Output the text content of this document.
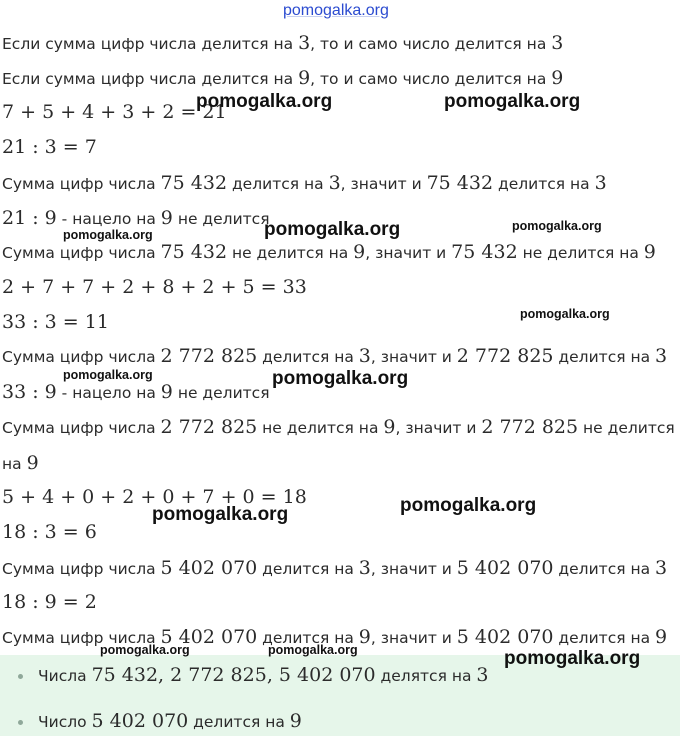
Если сумма цифр числа делится на 3, то и само число делится на 3
Если сумма цифр числа делится на 9, то и само число делится на 9
7 + 5 + 4 + 3 + 2 = 21
21 : 3 = 7
Сумма цифр числа 75 432 делится на 3, значит и 75 432 делится на 3
21 : 9 - нацело на 9 не делится
Сумма цифр числа 75 432 не делится на 9, значит и 75 432 не делится на 9
2 + 7 + 7 + 2 + 8 + 2 + 5 = 33
33 : 3 = 11
Сумма цифр числа 2 772 825 делится на 3, значит и 2 772 825 делится на 3
33 : 9 - нацело на 9 не делится
Сумма цифр числа 2 772 825 не делится на 9, значит и 2 772 825 не делится
на 9
5 + 4 + 0 + 2 + 0 + 7 + 0 = 18
18 : 3 = 6
Сумма цифр числа 5 402 070 делится на 3, значит и 5 402 070 делится на 3
18 : 9 = 2
Сумма цифр числа 5 402 070 делится на 9, значит и 5 402 070 делится на 9
Числа 75 432, 2 772 825, 5 402 070 делятся на 3
Число 5 402 070 делится на 9
pomogalka.org
pomogalka.org	pomogalka.org
pomogalka.org	pomogalka.org
pomogalka.org
pomogalka.org
pomogalka.org	pomogalka.org
pomogalka.org
pomogalka.org
pomogalka.org	pomogalka.org	pomogalka.org
